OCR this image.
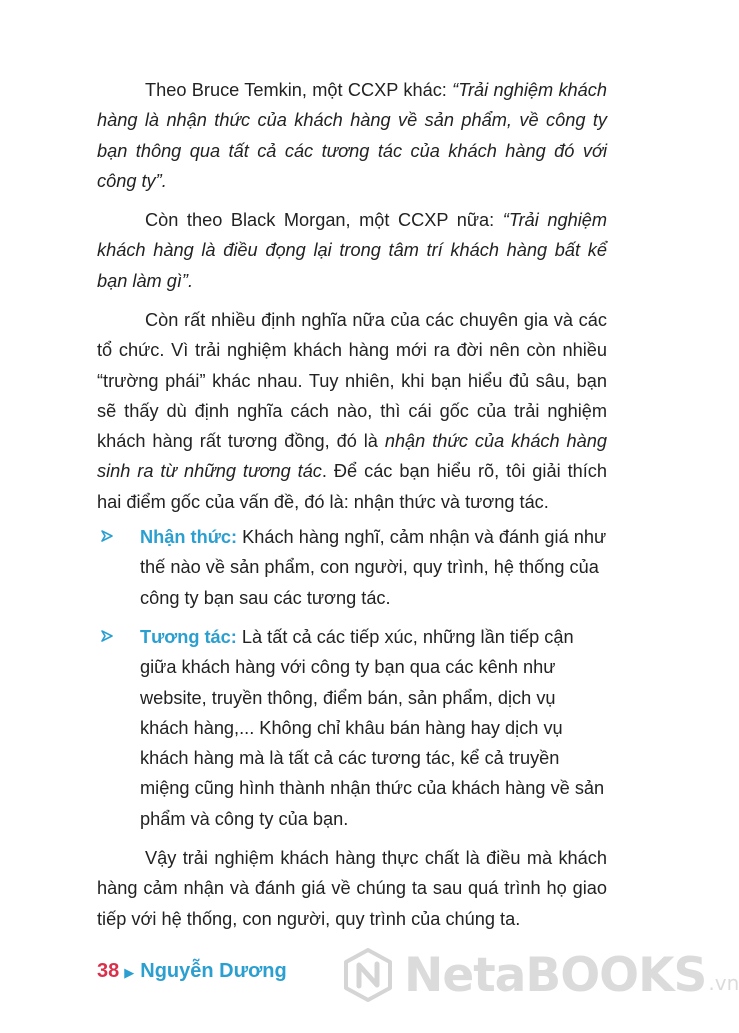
Theo Bruce Temkin, một CCXP khác: “Trải nghiệm khách hàng là nhận thức của khách hàng về sản phẩm, về công ty bạn thông qua tất cả các tương tác của khách hàng đó với công ty”.

Còn theo Black Morgan, một CCXP nữa: “Trải nghiệm khách hàng là điều đọng lại trong tâm trí khách hàng bất kể bạn làm gì”.

Còn rất nhiều định nghĩa nữa của các chuyên gia và các tổ chức. Vì trải nghiệm khách hàng mới ra đời nên còn nhiều “trường phái” khác nhau. Tuy nhiên, khi bạn hiểu đủ sâu, bạn sẽ thấy dù định nghĩa cách nào, thì cái gốc của trải nghiệm khách hàng rất tương đồng, đó là nhận thức của khách hàng sinh ra từ những tương tác. Để các bạn hiểu rõ, tôi giải thích hai điểm gốc của vấn đề, đó là: nhận thức và tương tác.

Nhận thức: Khách hàng nghĩ, cảm nhận và đánh giá như thế nào về sản phẩm, con người, quy trình, hệ thống của công ty bạn sau các tương tác.
Tương tác: Là tất cả các tiếp xúc, những lần tiếp cận giữa khách hàng với công ty bạn qua các kênh như website, truyền thông, điểm bán, sản phẩm, dịch vụ khách hàng,... Không chỉ khâu bán hàng hay dịch vụ khách hàng mà là tất cả các tương tác, kể cả truyền miệng cũng hình thành nhận thức của khách hàng về sản phẩm và công ty của bạn.

Vậy trải nghiệm khách hàng thực chất là điều mà khách hàng cảm nhận và đánh giá về chúng ta sau quá trình họ giao tiếp với hệ thống, con người, quy trình của chúng ta.

38 ▶ Nguyễn Dương NetaBOOKS .vn
